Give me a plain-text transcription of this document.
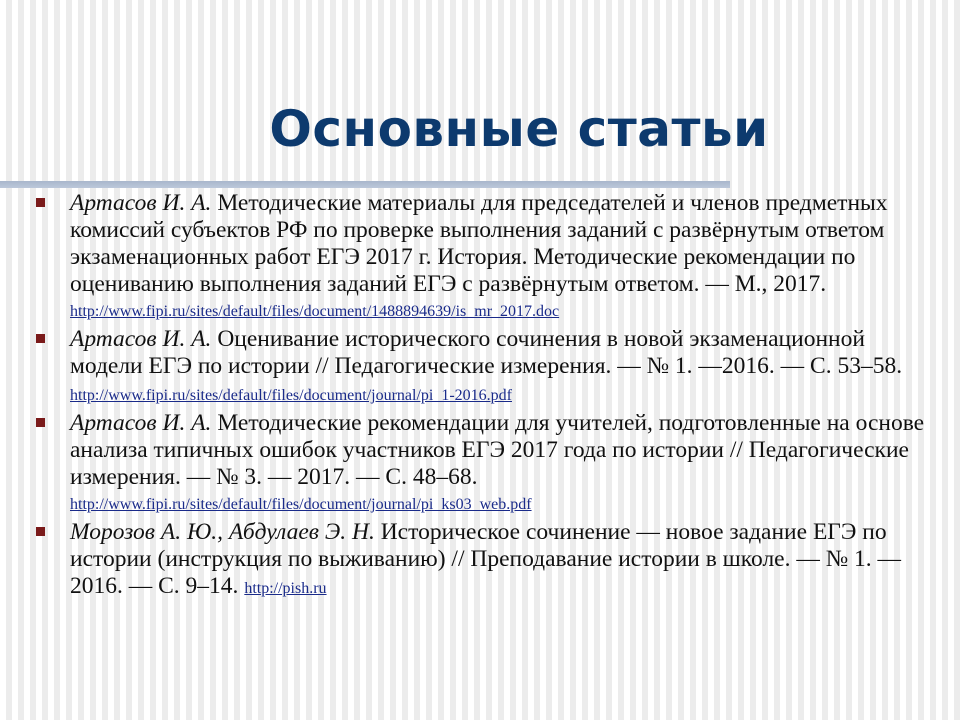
Основные статьи
Артасов И. А. Методические материалы для председателей и членов предметных комиссий субъектов РФ по проверке выполнения заданий с развёрнутым ответом экзаменационных работ ЕГЭ 2017 г. История. Методические рекомендации по оцениванию выполнения заданий ЕГЭ с развёрнутым ответом. — М., 2017.
http://www.fipi.ru/sites/default/files/document/1488894639/is_mr_2017.doc
Артасов И. А. Оценивание исторического сочинения в новой экзаменационной модели ЕГЭ по истории // Педагогические измерения. — № 1. —2016. — С. 53–58. http://www.fipi.ru/sites/default/files/document/journal/pi_1-2016.pdf
Артасов И. А. Методические рекомендации для учителей, подготовленные на основе анализа типичных ошибок участников ЕГЭ 2017 года по истории // Педагогические измерения. — № 3. — 2017. — С. 48–68.
http://www.fipi.ru/sites/default/files/document/journal/pi_ks03_web.pdf
Морозов А. Ю., Абдулаев Э. Н. Историческое сочинение — новое задание ЕГЭ по истории (инструкция по выживанию) // Преподавание истории в школе. — № 1. — 2016. — С. 9–14. http://pish.ru
